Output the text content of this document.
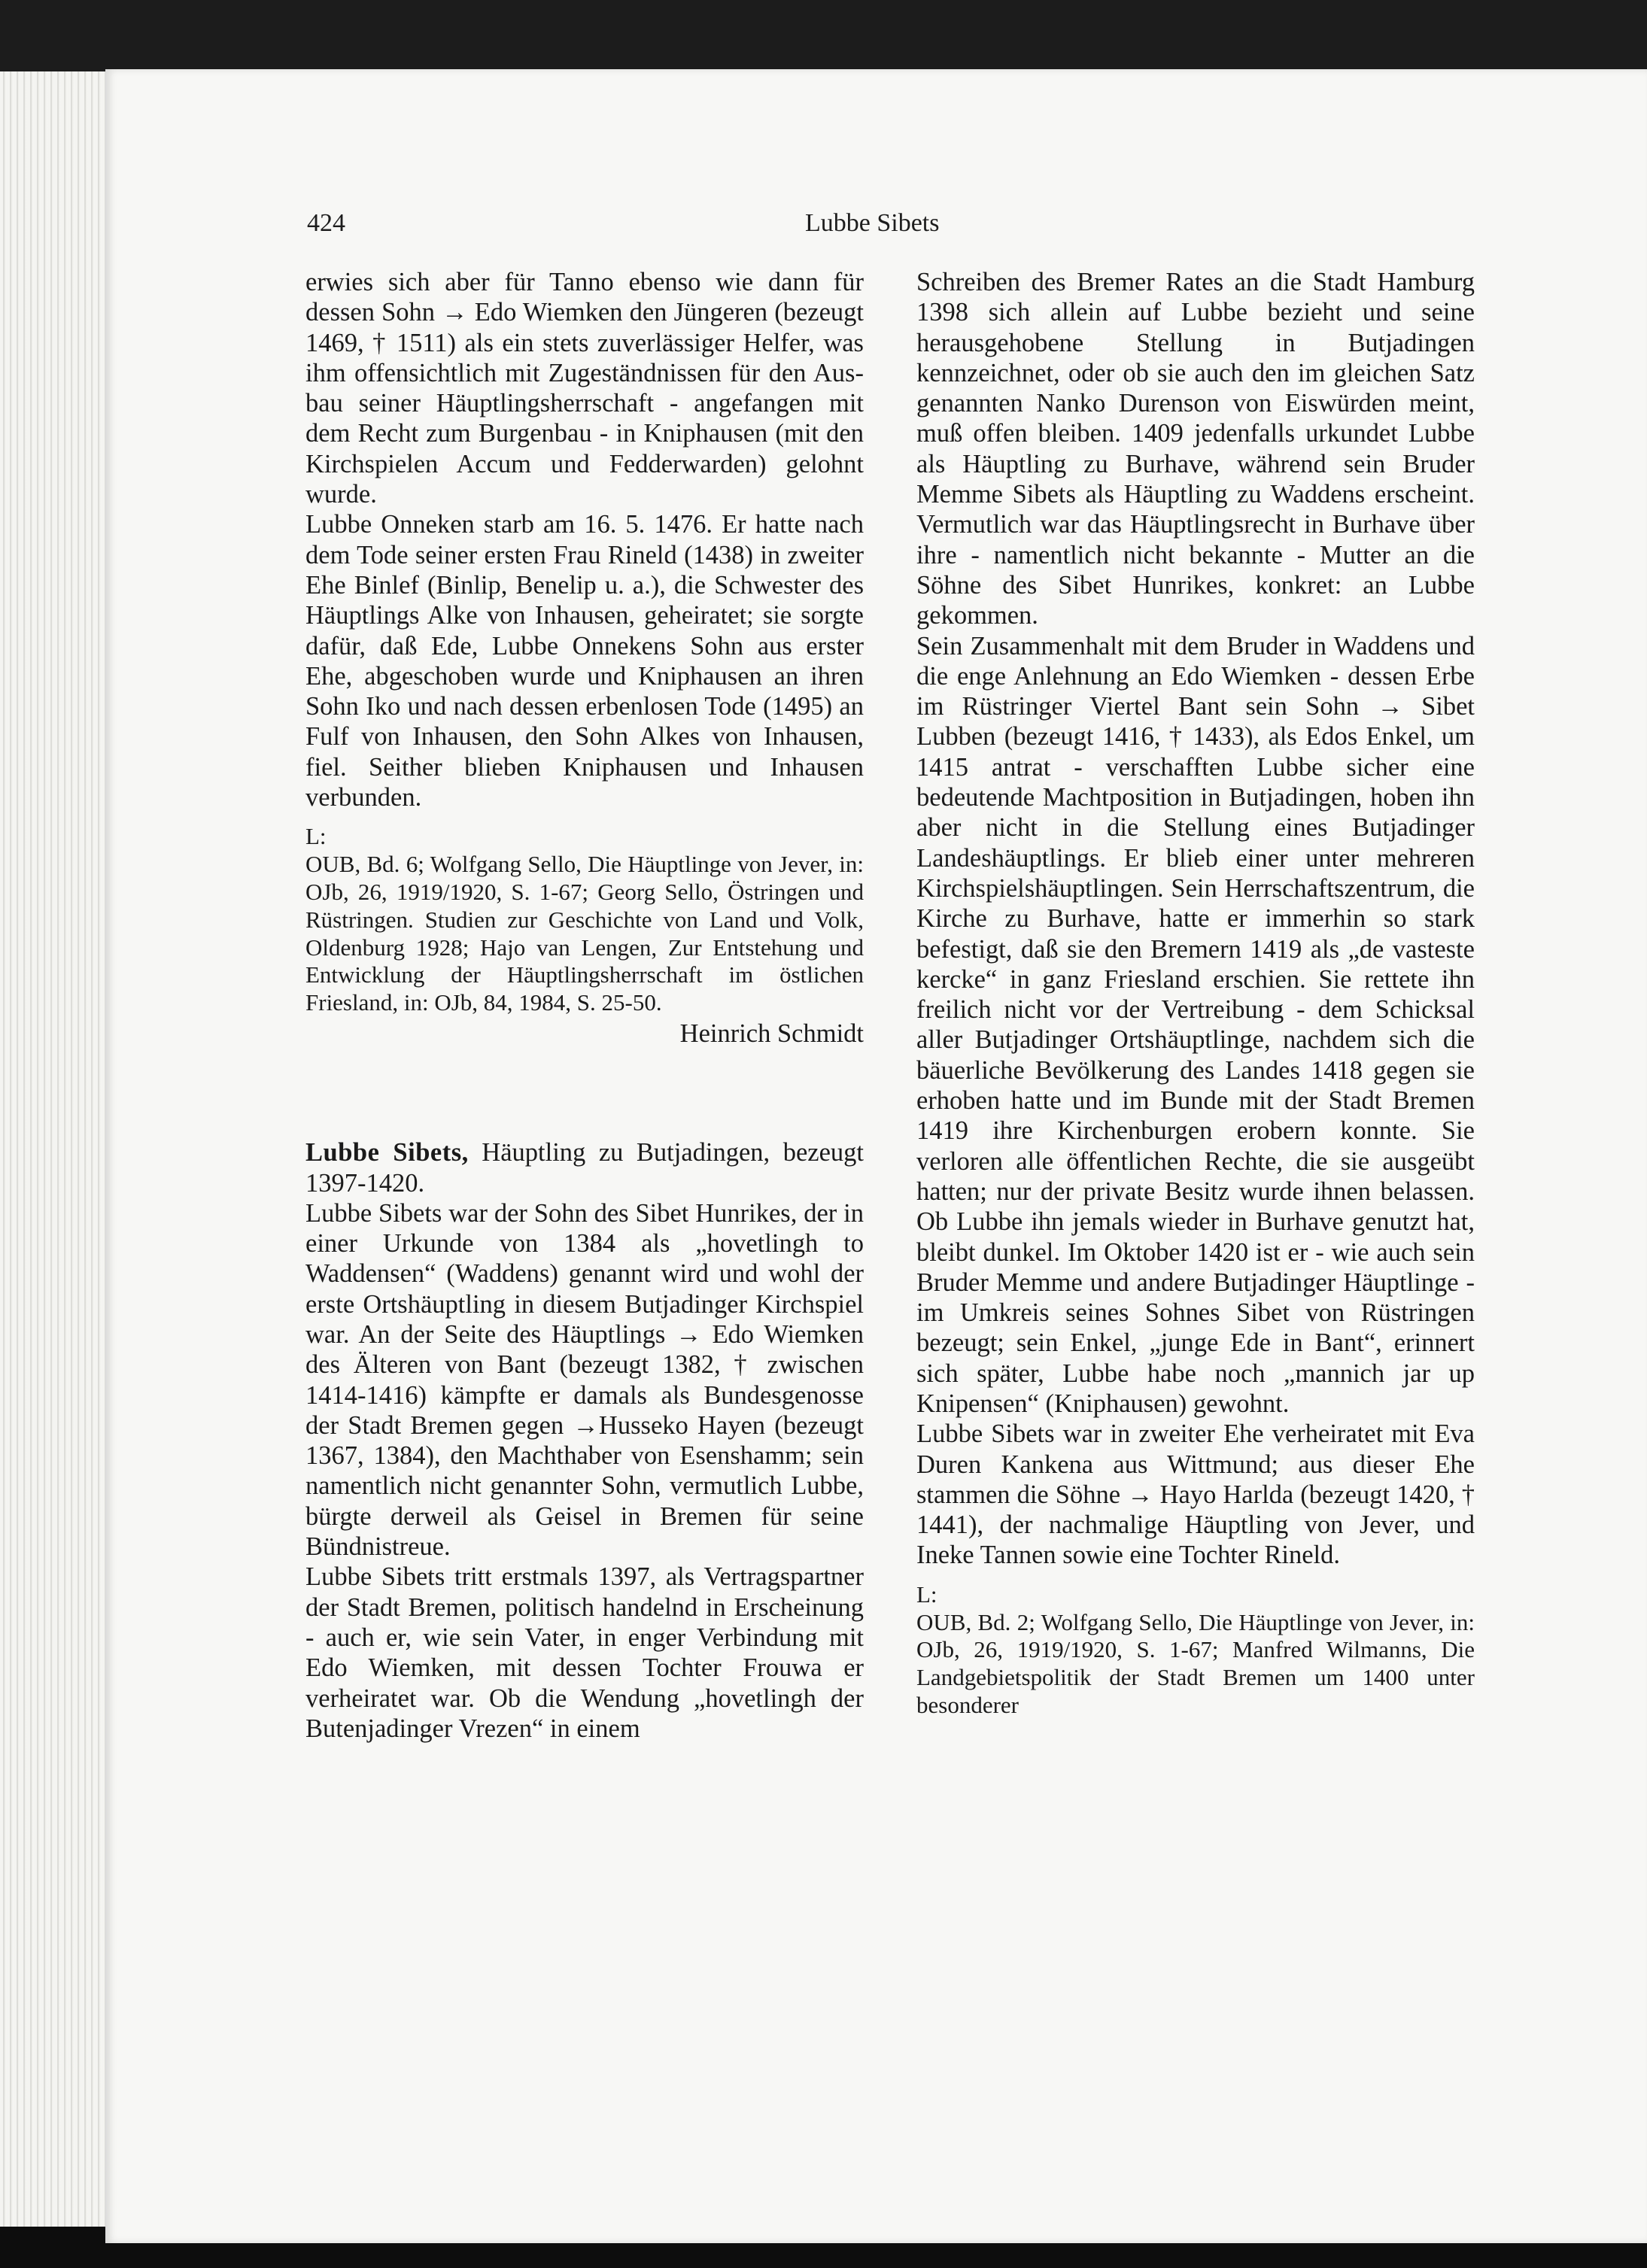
424	Lubbe Sibets

erwies sich aber für Tanno ebenso wie dann für dessen Sohn → Edo Wiemken den Jüngeren (bezeugt 1469, † 1511) als ein stets zuverlässiger Helfer, was ihm offensichtlich mit Zugeständnissen für den Ausbau seiner Häuptlingsherrschaft - angefangen mit dem Recht zum Burgenbau - in Kniphausen (mit den Kirchspielen Accum und Fedderwarden) gelohnt wurde.

Lubbe Onneken starb am 16. 5. 1476. Er hatte nach dem Tode seiner ersten Frau Rineld (1438) in zweiter Ehe Binlef (Binlip, Benelip u. a.), die Schwester des Häuptlings Alke von Inhausen, geheiratet; sie sorgte dafür, daß Ede, Lubbe Onnekens Sohn aus erster Ehe, abgeschoben wurde und Kniphausen an ihren Sohn Iko und nach dessen erbenlosen Tode (1495) an Fulf von Inhausen, den Sohn Alkes von Inhausen, fiel. Seither blieben Kniphausen und Inhausen verbunden.

L:

OUB, Bd. 6; Wolfgang Sello, Die Häuptlinge von Jever, in: OJb, 26, 1919/1920, S. 1-67; Georg Sello, Östringen und Rüstringen. Studien zur Geschichte von Land und Volk, Oldenburg 1928; Hajo van Lengen, Zur Entstehung und Entwicklung der Häuptlingsherrschaft im östlichen Friesland, in: OJb, 84, 1984, S. 25-50.

Heinrich Schmidt

Lubbe Sibets, Häuptling zu Butjadingen, bezeugt 1397-1420.

Lubbe Sibets war der Sohn des Sibet Hunrikes, der in einer Urkunde von 1384 als „hovetlingh to Waddensen“ (Waddens) genannt wird und wohl der erste Ortshäuptling in diesem Butjadinger Kirchspiel war. An der Seite des Häuptlings → Edo Wiemken des Älteren von Bant (bezeugt 1382, † zwischen 1414-1416) kämpfte er damals als Bundesgenosse der Stadt Bremen gegen →Husseko Hayen (bezeugt 1367, 1384), den Machthaber von Esenshamm; sein namentlich nicht genannter Sohn, vermutlich Lubbe, bürgte derweil als Geisel in Bremen für seine Bündnistreue.

Lubbe Sibets tritt erstmals 1397, als Vertragspartner der Stadt Bremen, politisch handelnd in Erscheinung - auch er, wie sein Vater, in enger Verbindung mit Edo Wiemken, mit dessen Tochter Frouwa er verheiratet war. Ob die Wendung „hovetlingh der Butenjadinger Vrezen“ in einem

Schreiben des Bremer Rates an die Stadt Hamburg 1398 sich allein auf Lubbe bezieht und seine herausgehobene Stellung in Butjadingen kennzeichnet, oder ob sie auch den im gleichen Satz genannten Nanko Durenson von Eiswürden meint, muß offen bleiben. 1409 jedenfalls urkundet Lubbe als Häuptling zu Burhave, während sein Bruder Memme Sibets als Häuptling zu Waddens erscheint. Vermutlich war das Häuptlingsrecht in Burhave über ihre - namentlich nicht bekannte - Mutter an die Söhne des Sibet Hunrikes, konkret: an Lubbe gekommen.

Sein Zusammenhalt mit dem Bruder in Waddens und die enge Anlehnung an Edo Wiemken - dessen Erbe im Rüstringer Viertel Bant sein Sohn → Sibet Lubben (bezeugt 1416, † 1433), als Edos Enkel, um 1415 antrat - verschafften Lubbe sicher eine bedeutende Machtposition in Butjadingen, hoben ihn aber nicht in die Stellung eines Butjadinger Landeshäuptlings. Er blieb einer unter mehreren Kirchspielshäuptlingen. Sein Herrschaftszentrum, die Kirche zu Burhave, hatte er immerhin so stark befestigt, daß sie den Bremern 1419 als „de vasteste kercke“ in ganz Friesland erschien. Sie rettete ihn freilich nicht vor der Vertreibung - dem Schicksal aller Butjadinger Ortshäuptlinge, nachdem sich die bäuerliche Bevölkerung des Landes 1418 gegen sie erhoben hatte und im Bunde mit der Stadt Bremen 1419 ihre Kirchenburgen erobern konnte. Sie verloren alle öffentlichen Rechte, die sie ausgeübt hatten; nur der private Besitz wurde ihnen belassen. Ob Lubbe ihn jemals wieder in Burhave genutzt hat, bleibt dunkel. Im Oktober 1420 ist er - wie auch sein Bruder Memme und andere Butjadinger Häuptlinge - im Umkreis seines Sohnes Sibet von Rüstringen bezeugt; sein Enkel, „junge Ede in Bant“, erinnert sich später, Lubbe habe noch „mannich jar up Knipensen“ (Kniphausen) gewohnt.

Lubbe Sibets war in zweiter Ehe verheiratet mit Eva Duren Kankena aus Wittmund; aus dieser Ehe stammen die Söhne → Hayo Harlda (bezeugt 1420, † 1441), der nachmalige Häuptling von Jever, und Ineke Tannen sowie eine Tochter Rineld.

L:

OUB, Bd. 2; Wolfgang Sello, Die Häuptlinge von Jever, in: OJb, 26, 1919/1920, S. 1-67; Manfred Wilmanns, Die Landgebietspolitik der Stadt Bremen um 1400 unter besonderer
